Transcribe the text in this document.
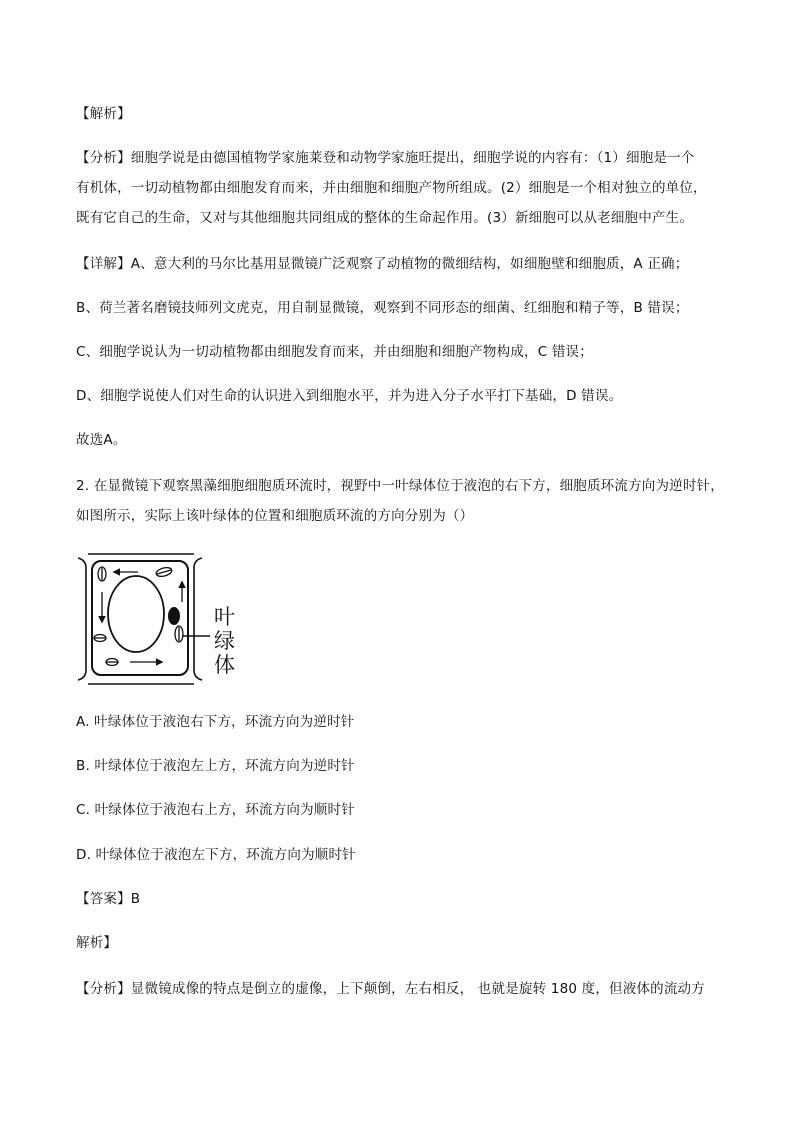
【解析】
【分析】细胞学说是由德国植物学家施莱登和动物学家施旺提出，细胞学说的内容有：（1）细胞是一个
有机体，一切动植物都由细胞发育而来，并由细胞和细胞产物所组成。(2）细胞是一个相对独立的单位，
既有它自己的生命，又对与其他细胞共同组成的整体的生命起作用。(3）新细胞可以从老细胞中产生。
【详解】A、意大利的马尔比基用显微镜广泛观察了动植物的微细结构，如细胞壁和细胞质，A 正确；
B、荷兰著名磨镜技师列文虎克，用自制显微镜，观察到不同形态的细菌、红细胞和精子等，B 错误；
C、细胞学说认为一切动植物都由细胞发育而来，并由细胞和细胞产物构成，C 错误；
D、细胞学说使人们对生命的认识进入到细胞水平，并为进入分子水平打下基础，D 错误。
故选A。
2. 在显微镜下观察黑藻细胞细胞质环流时，视野中一叶绿体位于液泡的右下方，细胞质环流方向为逆时针，
如图所示，实际上该叶绿体的位置和细胞质环流的方向分别为（）
叶
绿
体
A. 叶绿体位于液泡右下方，环流方向为逆时针
B. 叶绿体位于液泡左上方，环流方向为逆时针
C. 叶绿体位于液泡右上方，环流方向为顺时针
D. 叶绿体位于液泡左下方，环流方向为顺时针
【答案】B
解析】
【分析】显微镜成像的特点是倒立的虚像，上下颠倒，左右相反， 也就是旋转 180 度，但液体的流动方
